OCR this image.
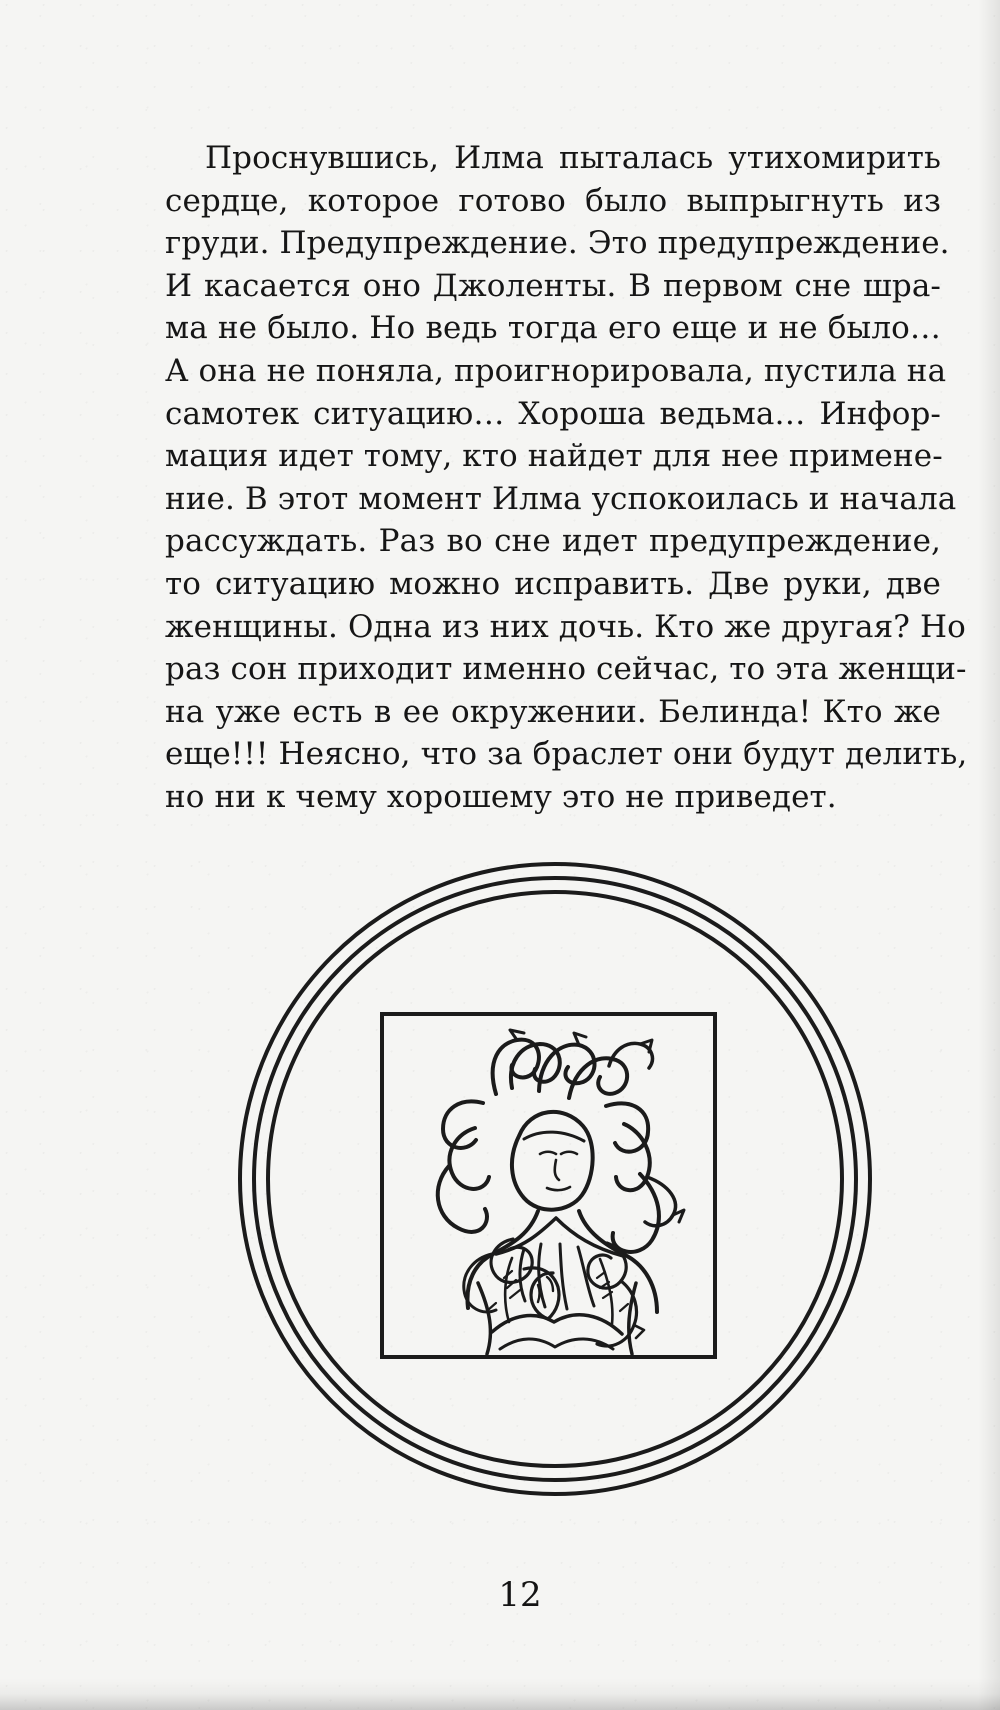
Проснувшись, Илма пыталась утихомирить
сердце, которое готово было выпрыгнуть из
груди. Предупреждение. Это предупреждение.
И касается оно Джоленты. В первом сне шра-
ма не было. Но ведь тогда его еще и не было…
А она не поняла, проигнорировала, пустила на
самотек ситуацию… Хороша ведьма… Инфор-
мация идет тому, кто найдет для нее примене-
ние. В этот момент Илма успокоилась и начала
рассуждать. Раз во сне идет предупреждение,
то ситуацию можно исправить. Две руки, две
женщины. Одна из них дочь. Кто же другая? Но
раз сон приходит именно сейчас, то эта женщи-
на уже есть в ее окружении. Белинда! Кто же
еще!!! Неясно, что за браслет они будут делить,
но ни к чему хорошему это не приведет.
12
